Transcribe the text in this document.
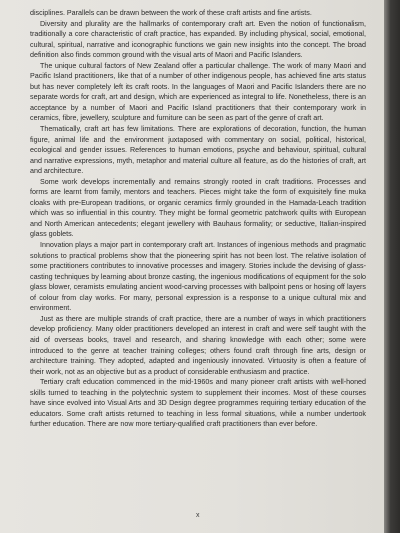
disciplines. Parallels can be drawn between the work of these craft artists and fine artists.

Diversity and plurality are the hallmarks of contemporary craft art. Even the notion of functionalism, traditionally a core characteristic of craft practice, has expanded. By including physical, social, emotional, cultural, spiritual, narrative and iconographic functions we gain new insights into the concept. The broad definition also finds common ground with the visual arts of Maori and Pacific Islanders.

The unique cultural factors of New Zealand offer a particular challenge. The work of many Maori and Pacific Island practitioners, like that of a number of other indigenous people, has achieved fine arts status but has never completely left its craft roots. In the languages of Maori and Pacific Islanders there are no separate words for craft, art and design, which are experienced as integral to life. Nonetheless, there is an acceptance by a number of Maori and Pacific Island practitioners that their contemporary work in ceramics, fibre, jewellery, sculpture and furniture can be seen as part of the genre of craft art.

Thematically, craft art has few limitations. There are explorations of decoration, function, the human figure, animal life and the environment juxtaposed with commentary on social, political, historical, ecological and gender issues. References to human emotions, psyche and behaviour, spiritual, cultural and narrative expressions, myth, metaphor and material culture all feature, as do the histories of craft, art and architecture.

Some work develops incrementally and remains strongly rooted in craft traditions. Processes and forms are learnt from family, mentors and teachers. Pieces might take the form of exquisitely fine muka cloaks with pre-European traditions, or organic ceramics firmly grounded in the Hamada-Leach tradition which was so influential in this country. They might be formal geometric patchwork quilts with European and North American antecedents; elegant jewellery with Bauhaus formality; or seductive, Italian-inspired glass goblets.

Innovation plays a major part in contemporary craft art. Instances of ingenious methods and pragmatic solutions to practical problems show that the pioneering spirit has not been lost. The relative isolation of some practitioners contributes to innovative processes and imagery. Stories include the devising of glass-casting techniques by learning about bronze casting, the ingenious modifications of equipment for the solo glass blower, ceramists emulating ancient wood-carving processes with ballpoint pens or hosing off layers of colour from clay works. For many, personal expression is a response to a unique cultural mix and environment.

Just as there are multiple strands of craft practice, there are a number of ways in which practitioners develop proficiency. Many older practitioners developed an interest in craft and were self taught with the aid of overseas books, travel and research, and sharing knowledge with each other; some were introduced to the genre at teacher training colleges; others found craft through fine arts, design or architecture training. They adopted, adapted and ingeniously innovated. Virtuosity is often a feature of their work, not as an objective but as a product of considerable enthusiasm and practice.

Tertiary craft education commenced in the mid-1960s and many pioneer craft artists with well-honed skills turned to teaching in the polytechnic system to supplement their incomes. Most of these courses have since evolved into Visual Arts and 3D Design degree programmes requiring tertiary education of the educators. Some craft artists returned to teaching in less formal situations, while a number undertook further education. There are now more tertiary-qualified craft practitioners than ever before.

x
